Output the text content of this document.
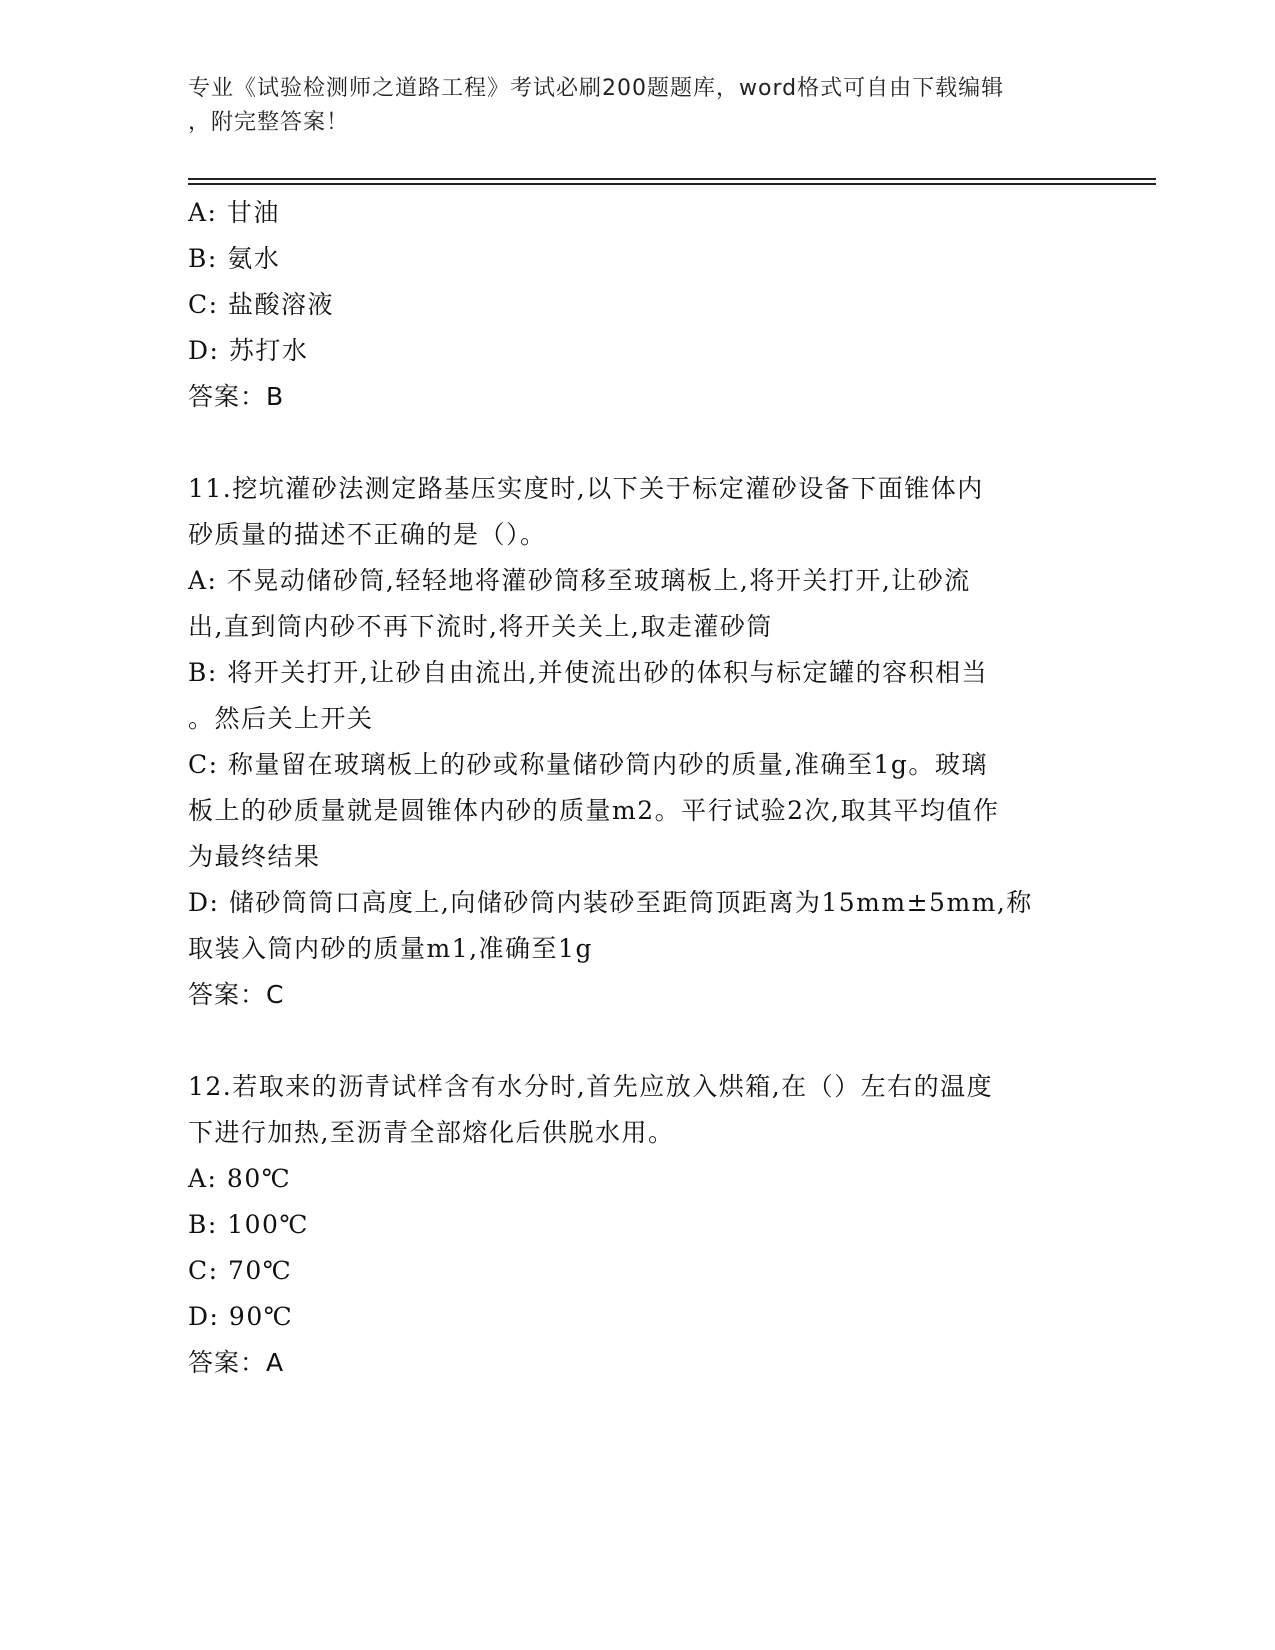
专业《试验检测师之道路工程》考试必刷200题题库，word格式可自由下载编辑
，附完整答案！
A: 甘油
B: 氨水
C: 盐酸溶液
D: 苏打水
答案：B
11.挖坑灌砂法测定路基压实度时,以下关于标定灌砂设备下面锥体内
砂质量的描述不正确的是（）。
A: 不晃动储砂筒,轻轻地将灌砂筒移至玻璃板上,将开关打开,让砂流
出,直到筒内砂不再下流时,将开关关上,取走灌砂筒
B: 将开关打开,让砂自由流出,并使流出砂的体积与标定罐的容积相当
。然后关上开关
C: 称量留在玻璃板上的砂或称量储砂筒内砂的质量,准确至1g。玻璃
板上的砂质量就是圆锥体内砂的质量m2。平行试验2次,取其平均值作
为最终结果
D: 储砂筒筒口高度上,向储砂筒内装砂至距筒顶距离为15mm±5mm,称
取装入筒内砂的质量m1,准确至1g
答案：C
12.若取来的沥青试样含有水分时,首先应放入烘箱,在（）左右的温度
下进行加热,至沥青全部熔化后供脱水用。
A: 80℃
B: 100℃
C: 70℃
D: 90℃
答案：A
